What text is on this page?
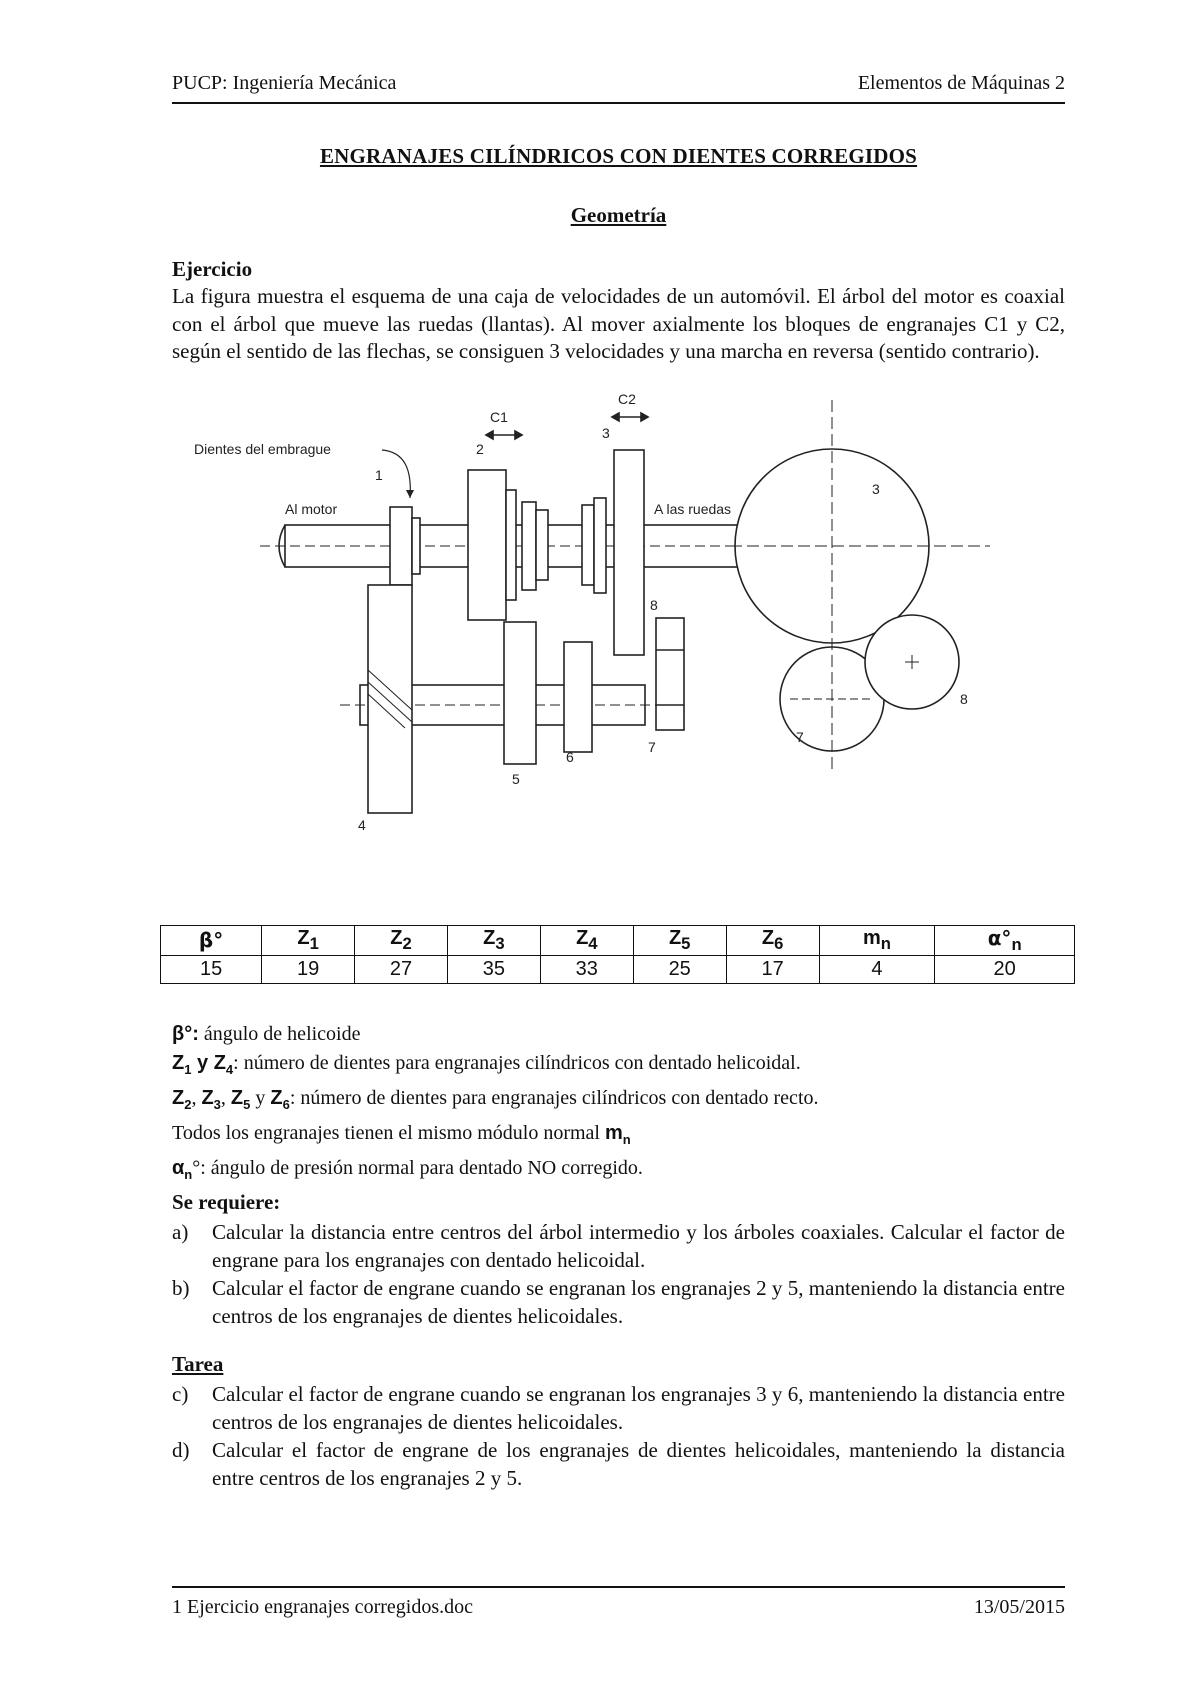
PUCP: Ingeniería Mecánica	Elementos de Máquinas 2
ENGRANAJES CILÍNDRICOS CON DIENTES CORREGIDOS
Geometría
Ejercicio
La figura muestra el esquema de una caja de velocidades de un automóvil. El árbol del motor es coaxial con el árbol que mueve las ruedas (llantas). Al mover axialmente los bloques de engranajes C1 y C2, según el sentido de las flechas, se consiguen 3 velocidades y una marcha en reversa (sentido contrario).
C1
C2
Dientes del embrague
Al motor	A las ruedas
1
2
3
4
5
6
7
8
3
7
8
β°	$Z_1$	$Z_2$	$Z_3$	$Z_4$	$Z_5$	$Z_6$	$m_n$	$\alpha^\circ_n$
15	19	27	35	33	25	17	4	20
β°: ángulo de helicoide
$Z_1$ y $Z_4$: número de dientes para engranajes cilíndricos con dentado helicoidal.
$Z_2$, $Z_3$, $Z_5$ y $Z_6$: número de dientes para engranajes cilíndricos con dentado recto.
Todos los engranajes tienen el mismo módulo normal $m_n$
$\alpha_n^\circ$: ángulo de presión normal para dentado NO corregido.
Se requiere:
a) Calcular la distancia entre centros del árbol intermedio y los árboles coaxiales. Calcular el factor de engrane para los engranajes con dentado helicoidal.
b) Calcular el factor de engrane cuando se engranan los engranajes 2 y 5, manteniendo la distancia entre centros de los engranajes de dientes helicoidales.
Tarea
c) Calcular el factor de engrane cuando se engranan los engranajes 3 y 6, manteniendo la distancia entre centros de los engranajes de dientes helicoidales.
d) Calcular el factor de engrane de los engranajes de dientes helicoidales, manteniendo la distancia entre centros de los engranajes 2 y 5.
1 Ejercicio engranajes corregidos.doc	13/05/2015
